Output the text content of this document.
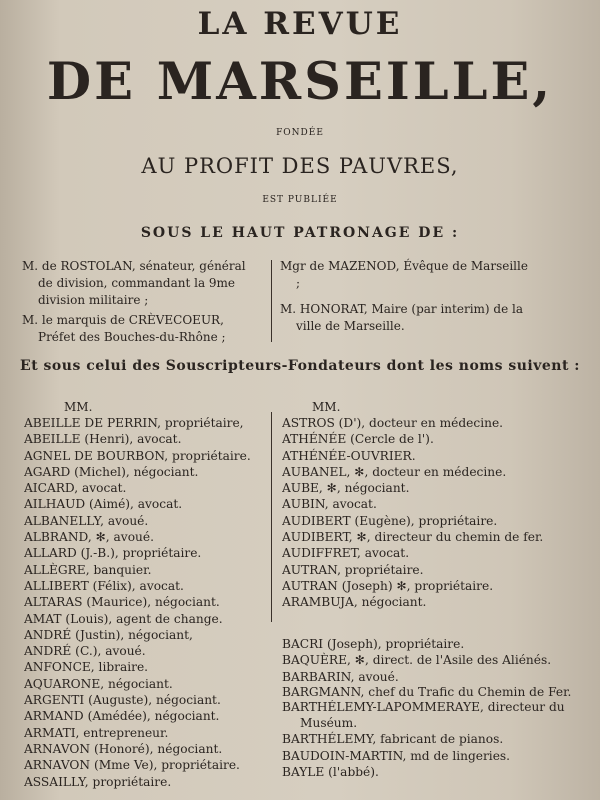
LA REVUE
DE MARSEILLE,
FONDÉE
AU PROFIT DES PAUVRES,
EST PUBLIÉE
SOUS LE HAUT PATRONAGE DE :

M. de ROSTOLAN, sénateur, général de division, commandant la 9me division militaire ;

M. le marquis de CRÈVECOEUR, Préfet des Bouches-du-Rhône ;

Mgr de MAZENOD, Évêque de Marseille ;

M. HONORAT, Maire (par interim) de la ville de Marseille.

Et sous celui des Souscripteurs-Fondateurs dont les noms suivent :
MM.	MM.
ABEILLE DE PERRIN, propriétaire,
ABEILLE (Henri), avocat.
AGNEL DE BOURBON, propriétaire.
AGARD (Michel), négociant.
AICARD, avocat.
AILHAUD (Aimé), avocat.
ALBANELLY, avoué.
ALBRAND, ✻, avoué.
ALLARD (J.-B.), propriétaire.
ALLÈGRE, banquier.
ALLIBERT (Félix), avocat.
ALTARAS (Maurice), négociant.
AMAT (Louis), agent de change.
ANDRÉ (Justin), négociant,
ANDRÉ (C.), avoué.
ANFONCE, libraire.
AQUARONE, négociant.
ARGENTI (Auguste), négociant.
ARMAND (Amédée), négociant.
ARMATI, entrepreneur.
ARNAVON (Honoré), négociant.
ARNAVON (Mme Ve), propriétaire.
ASSAILLY, propriétaire.
ASTROS (D'), docteur en médecine.
ATHÉNÉE (Cercle de l').
ATHÉNÉE-OUVRIER.
AUBANEL, ✻, docteur en médecine.
AUBE, ✻, négociant.
AUBIN, avocat.
AUDIBERT (Eugène), propriétaire.
AUDIBERT, ✻, directeur du chemin de fer.
AUDIFFRET, avocat.
AUTRAN, propriétaire.
AUTRAN (Joseph) ✻, propriétaire.
ARAMBUJA, négociant.
BACRI (Joseph), propriétaire.
BAQUÈRE, ✻, direct. de l'Asile des Aliénés.
BARBARIN, avoué.
BARGMANN, chef du Trafic du Chemin de Fer.
BARTHÉLEMY-LAPOMMERAYE, directeur du Muséum.
BARTHÉLEMY, fabricant de pianos.
BAUDOIN-MARTIN, md de lingeries.
BAYLE (l'abbé).
